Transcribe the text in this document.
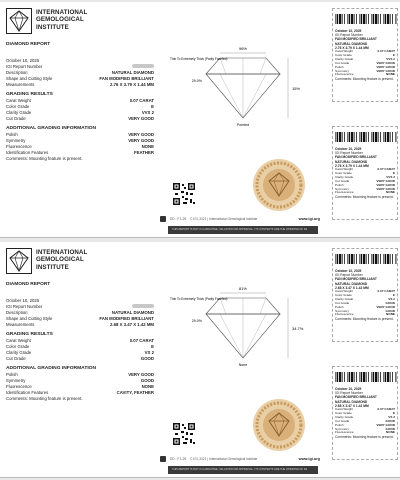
INTERNATIONAL
GEMOLOGICAL
INSTITUTE
DIAMOND REPORT
October 10, 2025
IGI Report Number
Description	NATURAL DIAMOND
Shape and Cutting Style	FAN MODIFIED BRILLIANT
Measurements	2.76 X 3.79 X 1.44 MM
GRADING RESULTS
Carat Weight	0.07 CARAT
Color Grade	E
Clarity Grade	VVS 2
Cut Grade	VERY GOOD
ADDITIONAL GRADING INFORMATION
Polish	VERY GOOD
Symmetry	VERY GOOD
Fluorescence	NONE
Identification Features	FEATHER
Comments: Mounting feature is present.
96%
15%
29.0%
Thin To Extremely Thick (Partly Faceted)
Pointed
DD - F.1.29 © IGI, 2021 | International Gemological Institute	www.igi.org
THIS REPORT IS NOT A GUARANTEE, VALUATION OR APPRAISAL. ITS CONTENTS ARE THE OPINIONS OF IGI
October 10, 2025
IGI Report Number
FAN MODIFIED BRILLIANT
NATURAL DIAMOND
2.76 X 3.79 X 1.44 MM
Carat Weight	0.07 CARAT
Color Grade	E
Clarity Grade	VVS 2
Cut Grade	VERY GOOD
Polish	VERY GOOD
Symmetry	VERY GOOD
Fluorescence	NONE
Comments: Mounting feature is present.
October 10, 2025
IGI Report Number
FAN MODIFIED BRILLIANT
NATURAL DIAMOND
2.76 X 3.79 X 1.44 MM
Carat Weight	0.07 CARAT
Color Grade	E
Clarity Grade	VVS 2
Cut Grade	VERY GOOD
Polish	VERY GOOD
Symmetry	VERY GOOD
Fluorescence	NONE
Comments: Mounting feature is present.
INTERNATIONAL
GEMOLOGICAL
INSTITUTE
DIAMOND REPORT
October 10, 2025
IGI Report Number
Description	NATURAL DIAMOND
Shape and Cutting Style	FAN MODIFIED BRILLIANT
Measurements	2.68 X 3.47 X 1.42 MM
GRADING RESULTS
Carat Weight	0.07 CARAT
Color Grade	E
Clarity Grade	VS 2
Cut Grade	GOOD
ADDITIONAL GRADING INFORMATION
Polish	VERY GOOD
Symmetry	GOOD
Fluorescence	NONE
Identification Features	CAVITY, FEATHER
Comments: Mounting feature is present.
81%
34.7%
29.0%
Thin To Extremely Thick (Partly Faceted)
None
DD - F.1.29 © IGI, 2021 | International Gemological Institute	www.igi.org
THIS REPORT IS NOT A GUARANTEE, VALUATION OR APPRAISAL. ITS CONTENTS ARE THE OPINIONS OF IGI
October 10, 2025
IGI Report Number
FAN MODIFIED BRILLIANT
NATURAL DIAMOND
2.68 X 3.47 X 1.42 MM
Carat Weight	0.07 CARAT
Color Grade	E
Clarity Grade	VS 2
Cut Grade	GOOD
Polish	VERY GOOD
Symmetry	GOOD
Fluorescence	NONE
Comments: Mounting feature is present.
October 10, 2025
IGI Report Number
FAN MODIFIED BRILLIANT
NATURAL DIAMOND
2.68 X 3.47 X 1.42 MM
Carat Weight	0.07 CARAT
Color Grade	E
Clarity Grade	VS 2
Cut Grade	GOOD
Polish	VERY GOOD
Symmetry	GOOD
Fluorescence	NONE
Comments: Mounting feature is present.
